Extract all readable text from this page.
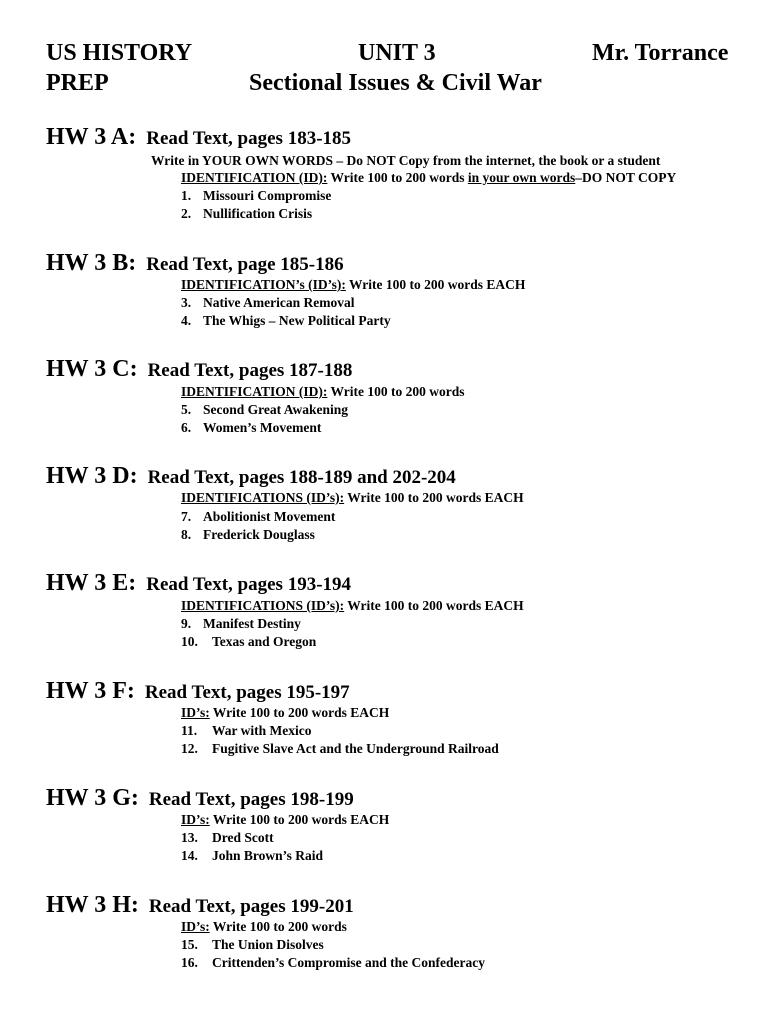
US HISTORY	UNIT 3	Mr. Torrance
PREP	Sectional Issues & Civil War
HW 3 A: Read Text, pages 183-185
Write in YOUR OWN WORDS – Do NOT Copy from the internet, the book or a student
IDENTIFICATION (ID): Write 100 to 200 words in your own words–DO NOT COPY
1. Missouri Compromise
2. Nullification Crisis
HW 3 B: Read Text, page 185-186
IDENTIFICATION’s (ID’s): Write 100 to 200 words EACH
3. Native American Removal
4. The Whigs – New Political Party
HW 3 C: Read Text, pages 187-188
IDENTIFICATION (ID): Write 100 to 200 words
5. Second Great Awakening
6. Women’s Movement
HW 3 D: Read Text, pages 188-189 and 202-204
IDENTIFICATIONS (ID’s): Write 100 to 200 words EACH
7. Abolitionist Movement
8. Frederick Douglass
HW 3 E: Read Text, pages 193-194
IDENTIFICATIONS (ID’s): Write 100 to 200 words EACH
9. Manifest Destiny
10. Texas and Oregon
HW 3 F: Read Text, pages 195-197
ID’s: Write 100 to 200 words EACH
11. War with Mexico
12. Fugitive Slave Act and the Underground Railroad
HW 3 G: Read Text, pages 198-199
ID’s: Write 100 to 200 words EACH
13. Dred Scott
14. John Brown’s Raid
HW 3 H: Read Text, pages 199-201
ID’s: Write 100 to 200 words
15. The Union Disolves
16. Crittenden’s Compromise and the Confederacy
